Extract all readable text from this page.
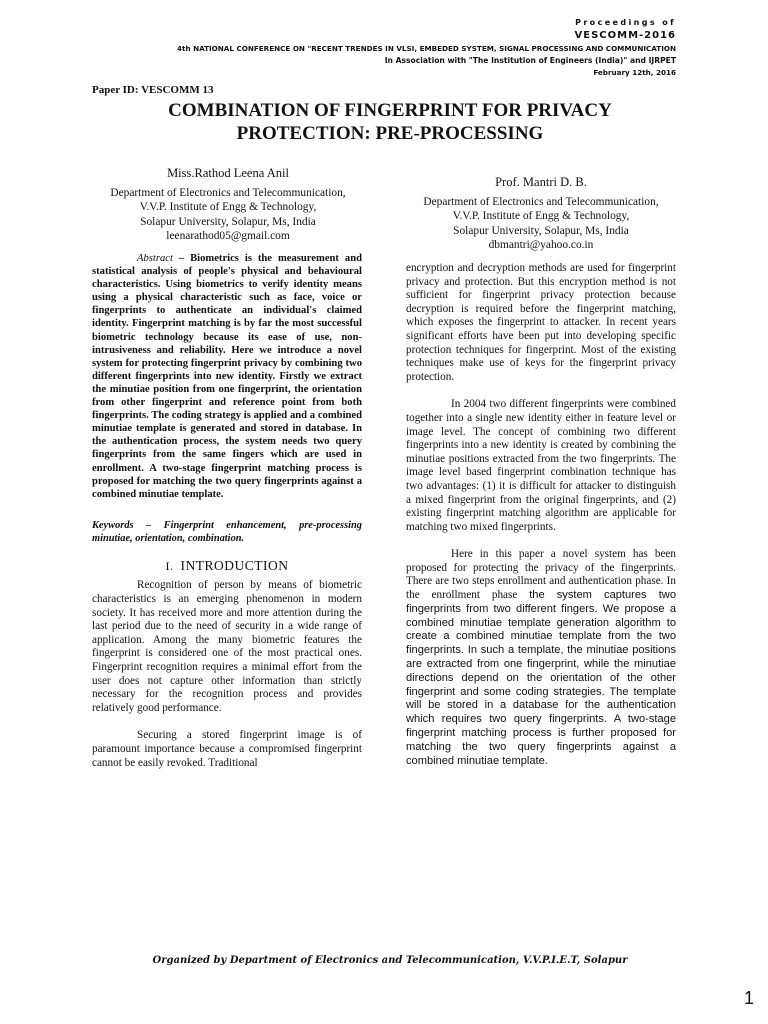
Proceedings of
VESCOMM-2016
4th NATIONAL CONFERENCE ON "RECENT TRENDES IN VLSI, EMBEDED SYSTEM, SIGNAL PROCESSING AND COMMUNICATION
In Association with "The Institution of Engineers (India)" and IJRPET
February 12th, 2016
Paper ID: VESCOMM 13
COMBINATION OF FINGERPRINT FOR PRIVACY
PROTECTION: PRE-PROCESSING
Miss.Rathod Leena Anil
Department of Electronics and Telecommunication,
V.V.P. Institute of Engg & Technology,
Solapur University, Solapur, Ms, India
leenarathod05@gmail.com
Prof. Mantri D. B.
Department of Electronics and Telecommunication,
V.V.P. Institute of Engg & Technology,
Solapur University, Solapur, Ms, India
dbmantri@yahoo.co.in

Abstract – Biometrics is the measurement and statistical analysis of people's physical and behavioural characteristics. Using biometrics to verify identity means using a physical characteristic such as face, voice or fingerprints to authenticate an individual's claimed identity. Fingerprint matching is by far the most successful biometric technology because its ease of use, non-intrusiveness and reliability. Here we introduce a novel system for protecting fingerprint privacy by combining two different fingerprints into new identity. Firstly we extract the minutiae position from one fingerprint, the orientation from other fingerprint and reference point from both fingerprints. The coding strategy is applied and a combined minutiae template is generated and stored in database. In the authentication process, the system needs two query fingerprints from the same fingers which are used in enrollment. A two-stage fingerprint matching process is proposed for matching the two query fingerprints against a combined minutiae template.

Keywords – Fingerprint enhancement, pre-processing minutiae, orientation, combination.

I. INTRODUCTION

Recognition of person by means of biometric characteristics is an emerging phenomenon in modern society. It has received more and more attention during the last period due to the need of security in a wide range of application. Among the many biometric features the fingerprint is considered one of the most practical ones. Fingerprint recognition requires a minimal effort from the user does not capture other information than strictly necessary for the recognition process and provides relatively good performance.

Securing a stored fingerprint image is of paramount importance because a compromised fingerprint cannot be easily revoked. Traditional

encryption and decryption methods are used for fingerprint privacy and protection. But this encryption method is not sufficient for fingerprint privacy protection because decryption is required before the fingerprint matching, which exposes the fingerprint to attacker. In recent years significant efforts have been put into developing specific protection techniques for fingerprint. Most of the existing techniques make use of keys for the fingerprint privacy protection.

In 2004 two different fingerprints were combined together into a single new identity either in feature level or image level. The concept of combining two different fingerprints into a new identity is created by combining the minutiae positions extracted from the two fingerprints. The image level based fingerprint combination technique has two advantages: (1) it is difficult for attacker to distinguish a mixed fingerprint from the original fingerprints, and (2) existing fingerprint matching algorithm are applicable for matching two mixed fingerprints.

Here in this paper a novel system has been proposed for protecting the privacy of the fingerprints. There are two steps enrollment and authentication phase. In the enrollment phase the system captures two fingerprints from two different fingers. We propose a combined minutiae template generation algorithm to create a combined minutiae template from the two fingerprints. In such a template, the minutiae positions are extracted from one fingerprint, while the minutiae directions depend on the orientation of the other fingerprint and some coding strategies. The template will be stored in a database for the authentication which requires two query fingerprints. A two-stage fingerprint matching process is further proposed for matching the two query fingerprints against a combined minutiae template.

Organized by Department of Electronics and Telecommunication, V.V.P.I.E.T, Solapur
1
